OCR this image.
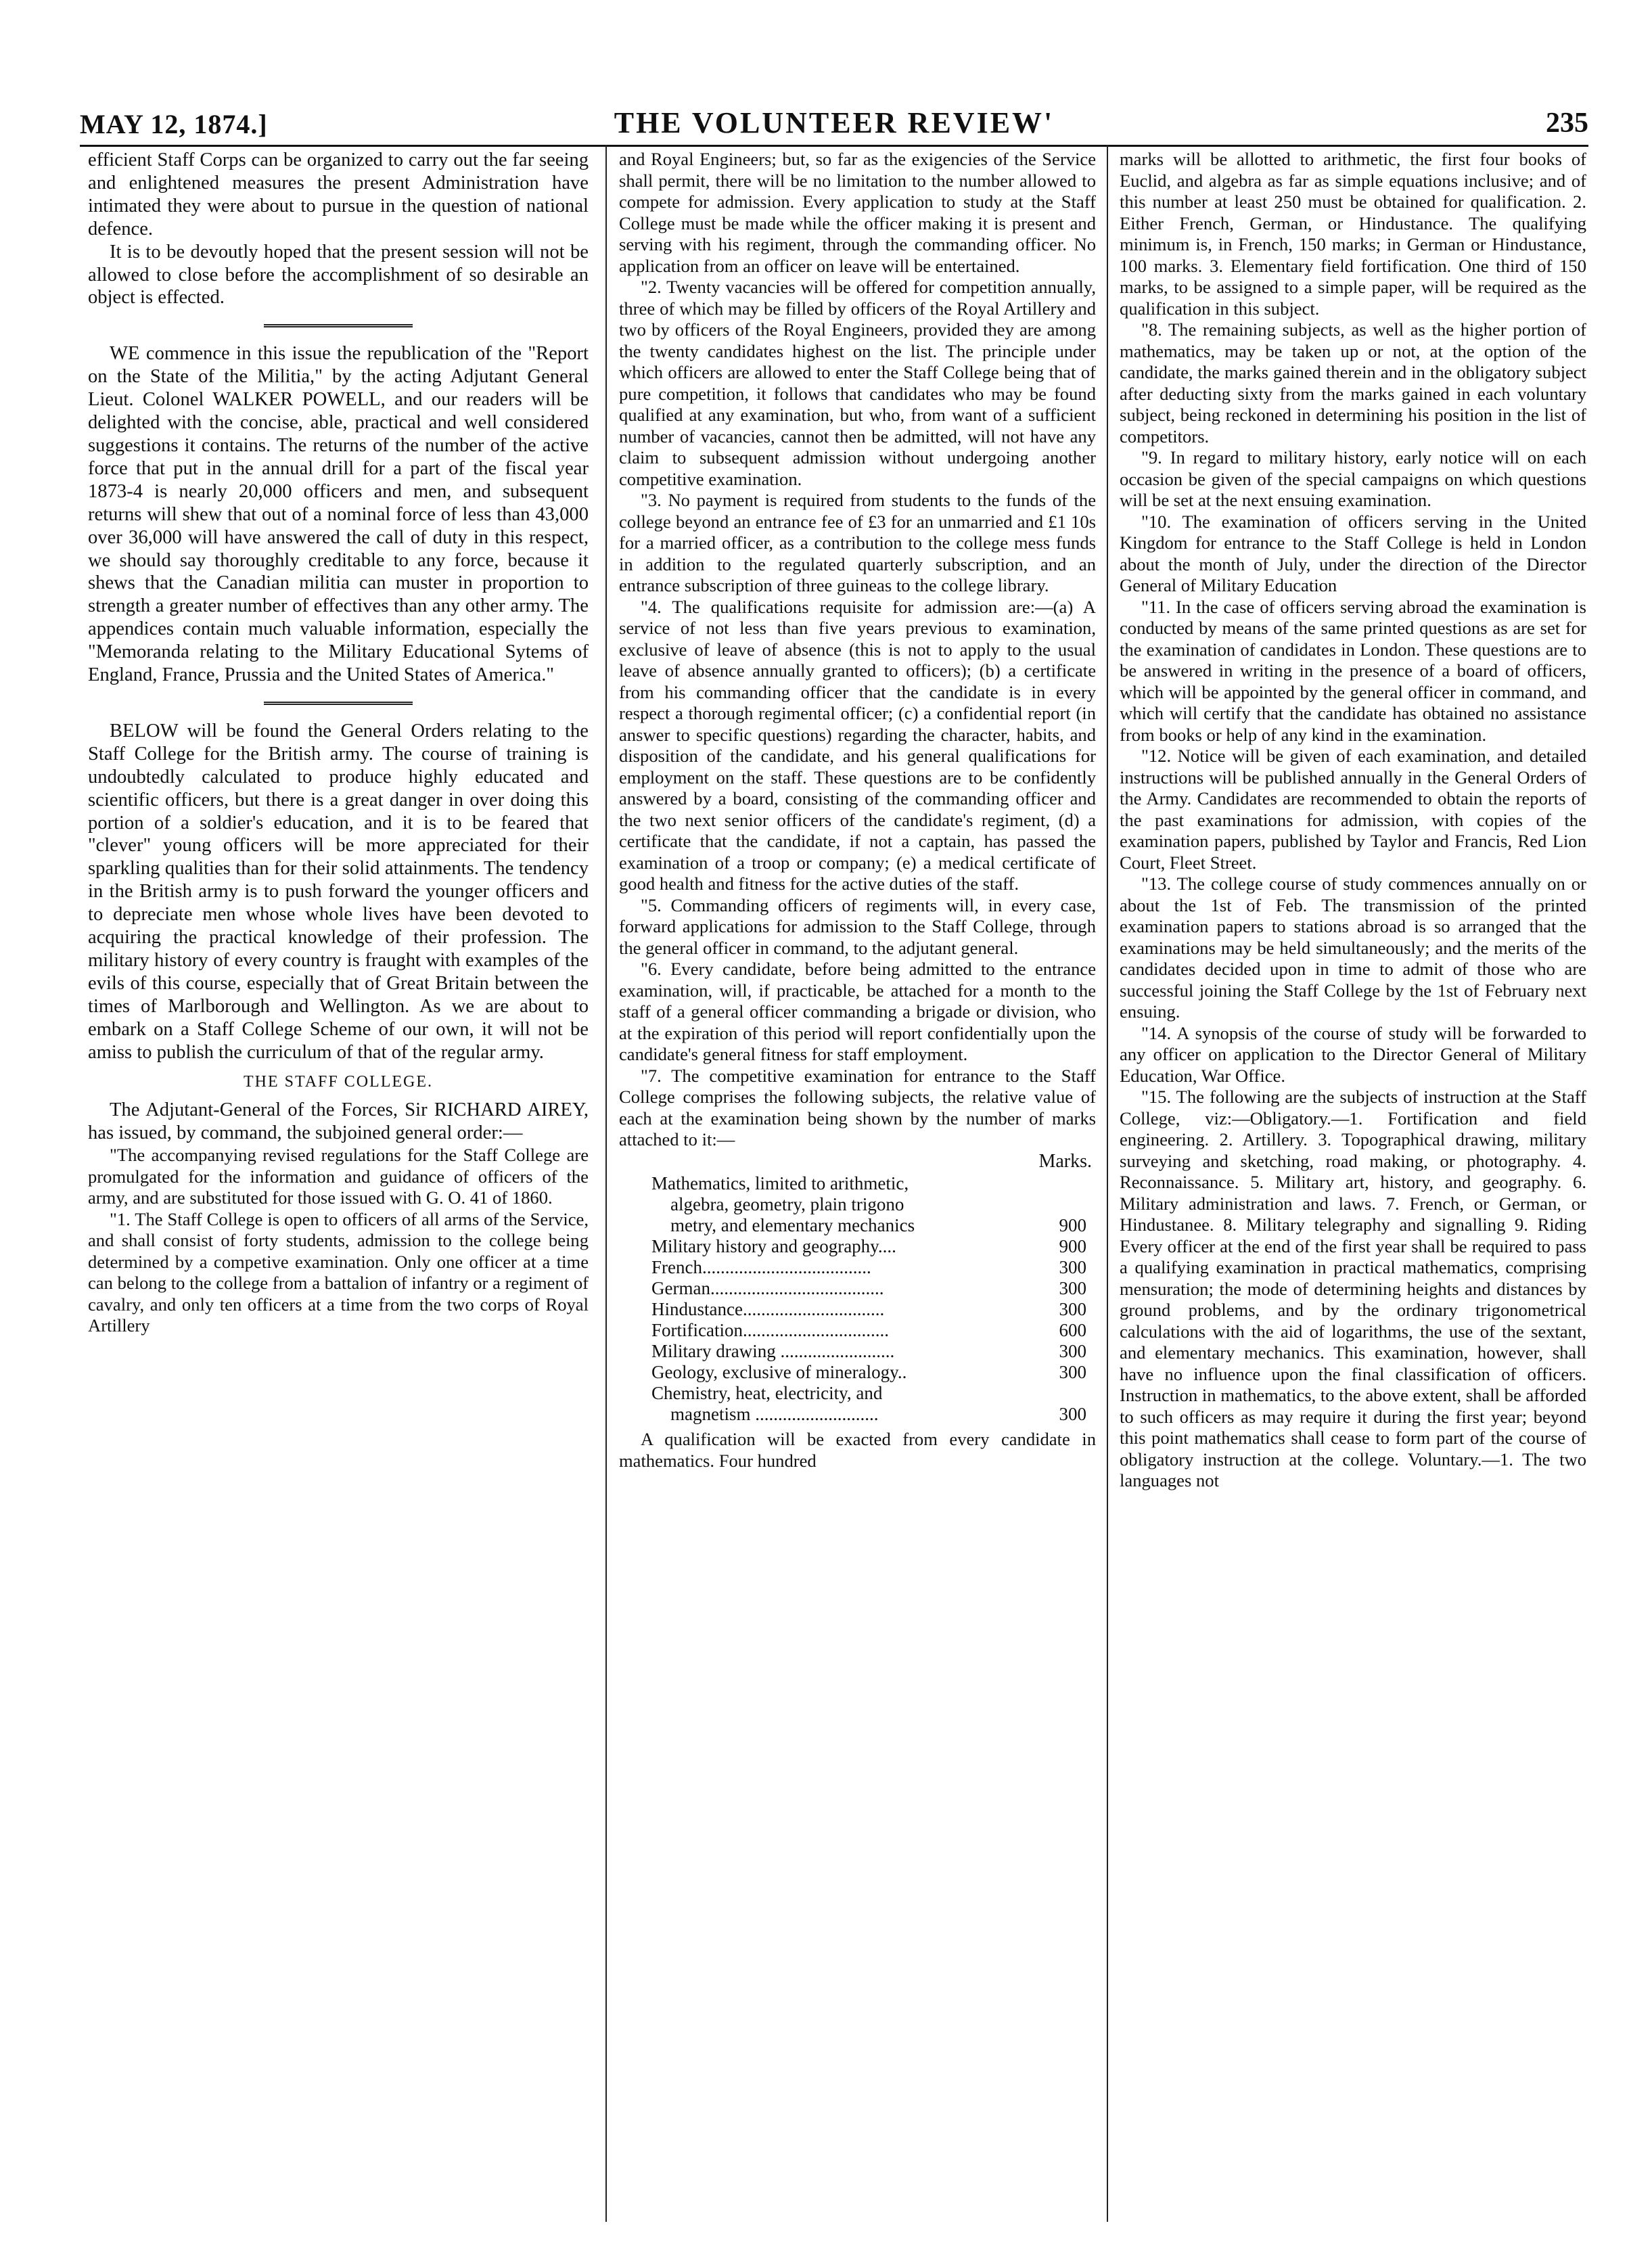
MAY 12, 1874.]	THE VOLUNTEER REVIEW'	235

efficient Staff Corps can be organized to carry out the far seeing and enlightened measures the present Administration have intimated they were about to pursue in the question of national defence.

It is to be devoutly hoped that the present session will not be allowed to close before the accomplishment of so desirable an object is effected.

WE commence in this issue the republication of the "Report on the State of the Militia," by the acting Adjutant General Lieut. Colonel WALKER POWELL, and our readers will be delighted with the concise, able, practical and well considered suggestions it contains. The returns of the number of the active force that put in the annual drill for a part of the fiscal year 1873-4 is nearly 20,000 officers and men, and subsequent returns will shew that out of a nominal force of less than 43,000 over 36,000 will have answered the call of duty in this respect, we should say thoroughly creditable to any force, because it shews that the Canadian militia can muster in proportion to strength a greater number of effectives than any other army. The appendices contain much valuable information, especially the "Memoranda relating to the Military Educational Sytems of England, France, Prussia and the United States of America."

BELOW will be found the General Orders relating to the Staff College for the British army. The course of training is undoubtedly calculated to produce highly educated and scientific officers, but there is a great danger in over doing this portion of a soldier's education, and it is to be feared that "clever" young officers will be more appreciated for their sparkling qualities than for their solid attainments. The tendency in the British army is to push forward the younger officers and to depreciate men whose whole lives have been devoted to acquiring the practical knowledge of their profession. The military history of every country is fraught with examples of the evils of this course, especially that of Great Britain between the times of Marlborough and Wellington. As we are about to embark on a Staff College Scheme of our own, it will not be amiss to publish the curriculum of that of the regular army.

THE STAFF COLLEGE.

The Adjutant-General of the Forces, Sir RICHARD AIREY, has issued, by command, the subjoined general order:—

"The accompanying revised regulations for the Staff College are promulgated for the information and guidance of officers of the army, and are substituted for those issued with G. O. 41 of 1860.

"1. The Staff College is open to officers of all arms of the Service, and shall consist of forty students, admission to the college being determined by a competive examination. Only one officer at a time can belong to the college from a battalion of infantry or a regiment of cavalry, and only ten officers at a time from the two corps of Royal Artillery

and Royal Engineers; but, so far as the exigencies of the Service shall permit, there will be no limitation to the number allowed to compete for admission. Every application to study at the Staff College must be made while the officer making it is present and serving with his regiment, through the commanding officer. No application from an officer on leave will be entertained.

"2. Twenty vacancies will be offered for competition annually, three of which may be filled by officers of the Royal Artillery and two by officers of the Royal Engineers, provided they are among the twenty candidates highest on the list. The principle under which officers are allowed to enter the Staff College being that of pure competition, it follows that candidates who may be found qualified at any examination, but who, from want of a sufficient number of vacancies, cannot then be admitted, will not have any claim to subsequent admission without undergoing another competitive examination.

"3. No payment is required from students to the funds of the college beyond an entrance fee of £3 for an unmarried and £1 10s for a married officer, as a contribution to the college mess funds in addition to the regulated quarterly subscription, and an entrance subscription of three guineas to the college library.

"4. The qualifications requisite for admission are:—(a) A service of not less than five years previous to examination, exclusive of leave of absence (this is not to apply to the usual leave of absence annually granted to officers); (b) a certificate from his commanding officer that the candidate is in every respect a thorough regimental officer; (c) a confidential report (in answer to specific questions) regarding the character, habits, and disposition of the candidate, and his general qualifications for employment on the staff. These questions are to be confidently answered by a board, consisting of the commanding officer and the two next senior officers of the candidate's regiment, (d) a certificate that the candidate, if not a captain, has passed the examination of a troop or company; (e) a medical certificate of good health and fitness for the active duties of the staff.

"5. Commanding officers of regiments will, in every case, forward applications for admission to the Staff College, through the general officer in command, to the adjutant general.

"6. Every candidate, before being admitted to the entrance examination, will, if practicable, be attached for a month to the staff of a general officer commanding a brigade or division, who at the expiration of this period will report confidentially upon the candidate's general fitness for staff employment.

"7. The competitive examination for entrance to the Staff College comprises the following subjects, the relative value of each at the examination being shown by the number of marks attached to it:—

Marks.
Mathematics, limited to arithmetic,	
algebra, geometry, plain trigono	
metry, and elementary mechanics	900
Military history and geography....	900
French.....................................	300
German......................................	300
Hindustance...............................	300
Fortification................................	600
Military drawing .........................	300
Geology, exclusive of mineralogy..	300
Chemistry, heat, electricity, and	
magnetism ...........................	300

A qualification will be exacted from every candidate in mathematics. Four hundred

marks will be allotted to arithmetic, the first four books of Euclid, and algebra as far as simple equations inclusive; and of this number at least 250 must be obtained for qualification. 2. Either French, German, or Hindustance. The qualifying minimum is, in French, 150 marks; in German or Hindustance, 100 marks. 3. Elementary field fortification. One third of 150 marks, to be assigned to a simple paper, will be required as the qualification in this subject.

"8. The remaining subjects, as well as the higher portion of mathematics, may be taken up or not, at the option of the candidate, the marks gained therein and in the obligatory subject after deducting sixty from the marks gained in each voluntary subject, being reckoned in determining his position in the list of competitors.

"9. In regard to military history, early notice will on each occasion be given of the special campaigns on which questions will be set at the next ensuing examination.

"10. The examination of officers serving in the United Kingdom for entrance to the Staff College is held in London about the month of July, under the direction of the Director General of Military Education

"11. In the case of officers serving abroad the examination is conducted by means of the same printed questions as are set for the examination of candidates in London. These questions are to be answered in writing in the presence of a board of officers, which will be appointed by the general officer in command, and which will certify that the candidate has obtained no assistance from books or help of any kind in the examination.

"12. Notice will be given of each examination, and detailed instructions will be published annually in the General Orders of the Army. Candidates are recommended to obtain the reports of the past examinations for admission, with copies of the examination papers, published by Taylor and Francis, Red Lion Court, Fleet Street.

"13. The college course of study commences annually on or about the 1st of Feb. The transmission of the printed examination papers to stations abroad is so arranged that the examinations may be held simultaneously; and the merits of the candidates decided upon in time to admit of those who are successful joining the Staff College by the 1st of February next ensuing.

"14. A synopsis of the course of study will be forwarded to any officer on application to the Director General of Military Education, War Office.

"15. The following are the subjects of instruction at the Staff College, viz:—Obligatory.—1. Fortification and field engineering. 2. Artillery. 3. Topographical drawing, military surveying and sketching, road making, or photography. 4. Reconnaissance. 5. Military art, history, and geography. 6. Military administration and laws. 7. French, or German, or Hindustanee. 8. Military telegraphy and signalling 9. Riding Every officer at the end of the first year shall be required to pass a qualifying examination in practical mathematics, comprising mensuration; the mode of determining heights and distances by ground problems, and by the ordinary trigonometrical calculations with the aid of logarithms, the use of the sextant, and elementary mechanics. This examination, however, shall have no influence upon the final classification of officers. Instruction in mathematics, to the above extent, shall be afforded to such officers as may require it during the first year; beyond this point mathematics shall cease to form part of the course of obligatory instruction at the college. Voluntary.—1. The two languages not
